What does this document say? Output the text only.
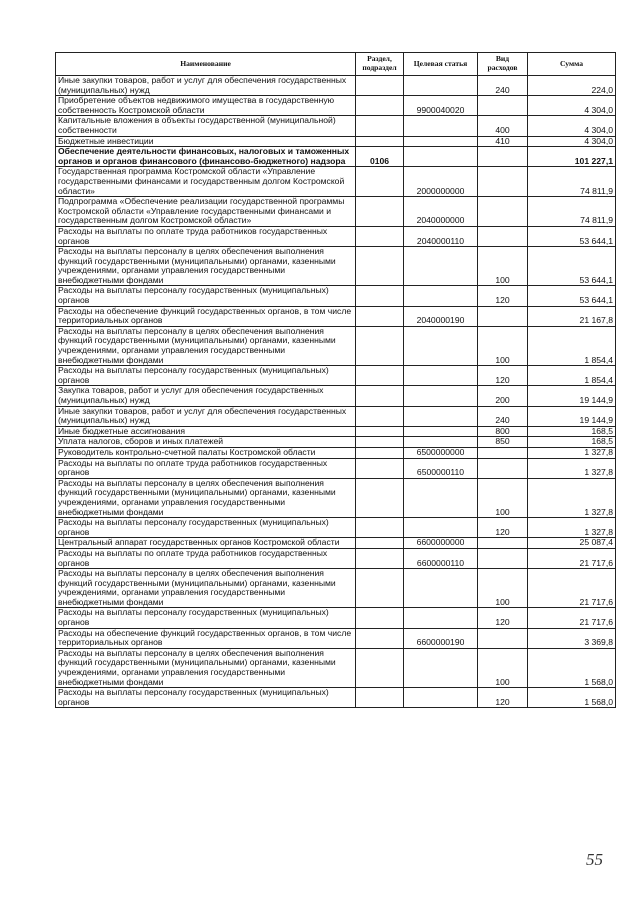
Наименование	Раздел, подраздел	Целевая статья	Вид расходов	Сумма
Иные закупки товаров, работ и услуг для обеспечения государственных (муниципальных) нужд			240	224,0
Приобретение объектов недвижимого имущества в государственную собственность Костромской области		9900040020		4 304,0
Капитальные вложения в объекты государственной (муниципальной) собственности			400	4 304,0
Бюджетные инвестиции			410	4 304,0
Обеспечение деятельности финансовых, налоговых и таможенных органов и органов финансового (финансово-бюджетного) надзора	0106			101 227,1
Государственная программа Костромской области «Управление государственными финансами и государственным долгом Костромской области»		2000000000		74 811,9
Подпрограмма «Обеспечение реализации государственной программы Костромской области «Управление государственными финансами и государственным долгом Костромской области»		2040000000		74 811,9
Расходы на выплаты по оплате труда работников государственных органов		2040000110		53 644,1
Расходы на выплаты персоналу в целях обеспечения выполнения функций государственными (муниципальными) органами, казенными учреждениями, органами управления государственными внебюджетными фондами			100	53 644,1
Расходы на выплаты персоналу государственных (муниципальных) органов			120	53 644,1
Расходы на обеспечение функций государственных органов, в том числе территориальных органов		2040000190		21 167,8
Расходы на выплаты персоналу в целях обеспечения выполнения функций государственными (муниципальными) органами, казенными учреждениями, органами управления государственными внебюджетными фондами			100	1 854,4
Расходы на выплаты персоналу государственных (муниципальных) органов			120	1 854,4
Закупка товаров, работ и услуг для обеспечения государственных (муниципальных) нужд			200	19 144,9
Иные закупки товаров, работ и услуг для обеспечения государственных (муниципальных) нужд			240	19 144,9
Иные бюджетные ассигнования			800	168,5
Уплата налогов, сборов и иных платежей			850	168,5
Руководитель контрольно-счетной палаты Костромской области		6500000000		1 327,8
Расходы на выплаты по оплате труда работников государственных органов		6500000110		1 327,8
Расходы на выплаты персоналу в целях обеспечения выполнения функций государственными (муниципальными) органами, казенными учреждениями, органами управления государственными внебюджетными фондами			100	1 327,8
Расходы на выплаты персоналу государственных (муниципальных) органов			120	1 327,8
Центральный аппарат государственных органов Костромской области		6600000000		25 087,4
Расходы на выплаты по оплате труда работников государственных органов		6600000110		21 717,6
Расходы на выплаты персоналу в целях обеспечения выполнения функций государственными (муниципальными) органами, казенными учреждениями, органами управления государственными внебюджетными фондами			100	21 717,6
Расходы на выплаты персоналу государственных (муниципальных) органов			120	21 717,6
Расходы на обеспечение функций государственных органов, в том числе территориальных органов		6600000190		3 369,8
Расходы на выплаты персоналу в целях обеспечения выполнения функций государственными (муниципальными) органами, казенными учреждениями, органами управления государственными внебюджетными фондами			100	1 568,0
Расходы на выплаты персоналу государственных (муниципальных) органов			120	1 568,0
55
